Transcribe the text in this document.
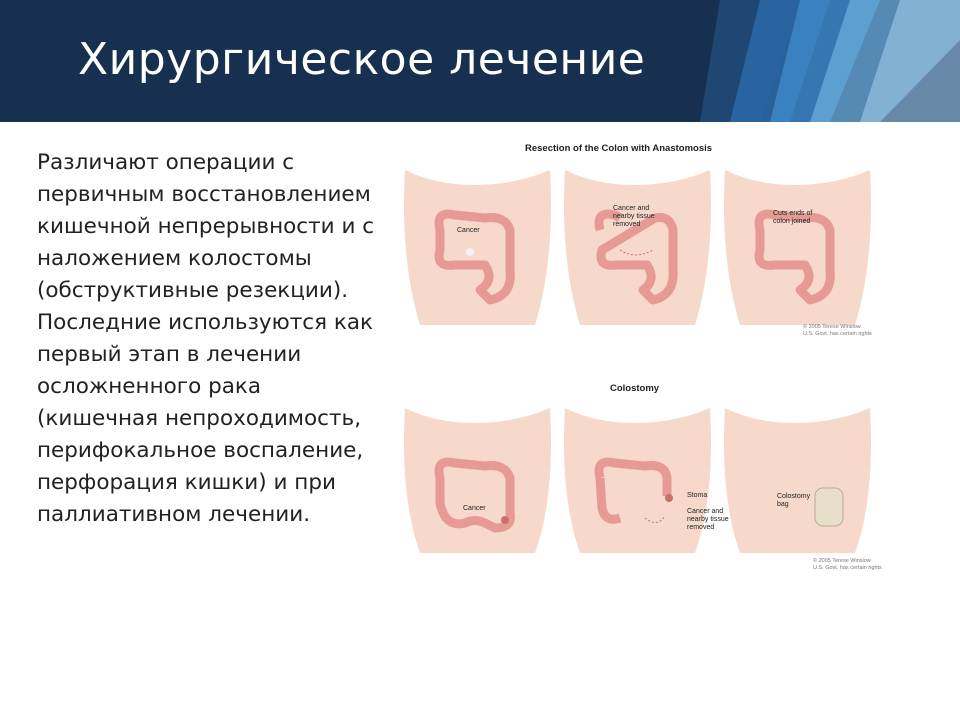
Хирургическое лечение
Различают операции с первичным восстановлением кишечной непрерывности и с наложением колостомы (обструктивные резекции). Последние используются как первый этап в лечении осложненного рака (кишечная непроходимость, перифокальное воспаление, перфорация кишки) и при паллиативном лечении.
Resection of the Colon with Anastomosis
Cancer
Cancer and
nearby tissue
removed
Cuts ends of
colon joined
© 2005 Terese Winslow
U.S. Govt. has certain rights
Colostomy
Cancer
Stoma
Cancer and
nearby tissue
removed
Colostomy
bag
© 2005 Terese Winslow
U.S. Govt. has certain rights
